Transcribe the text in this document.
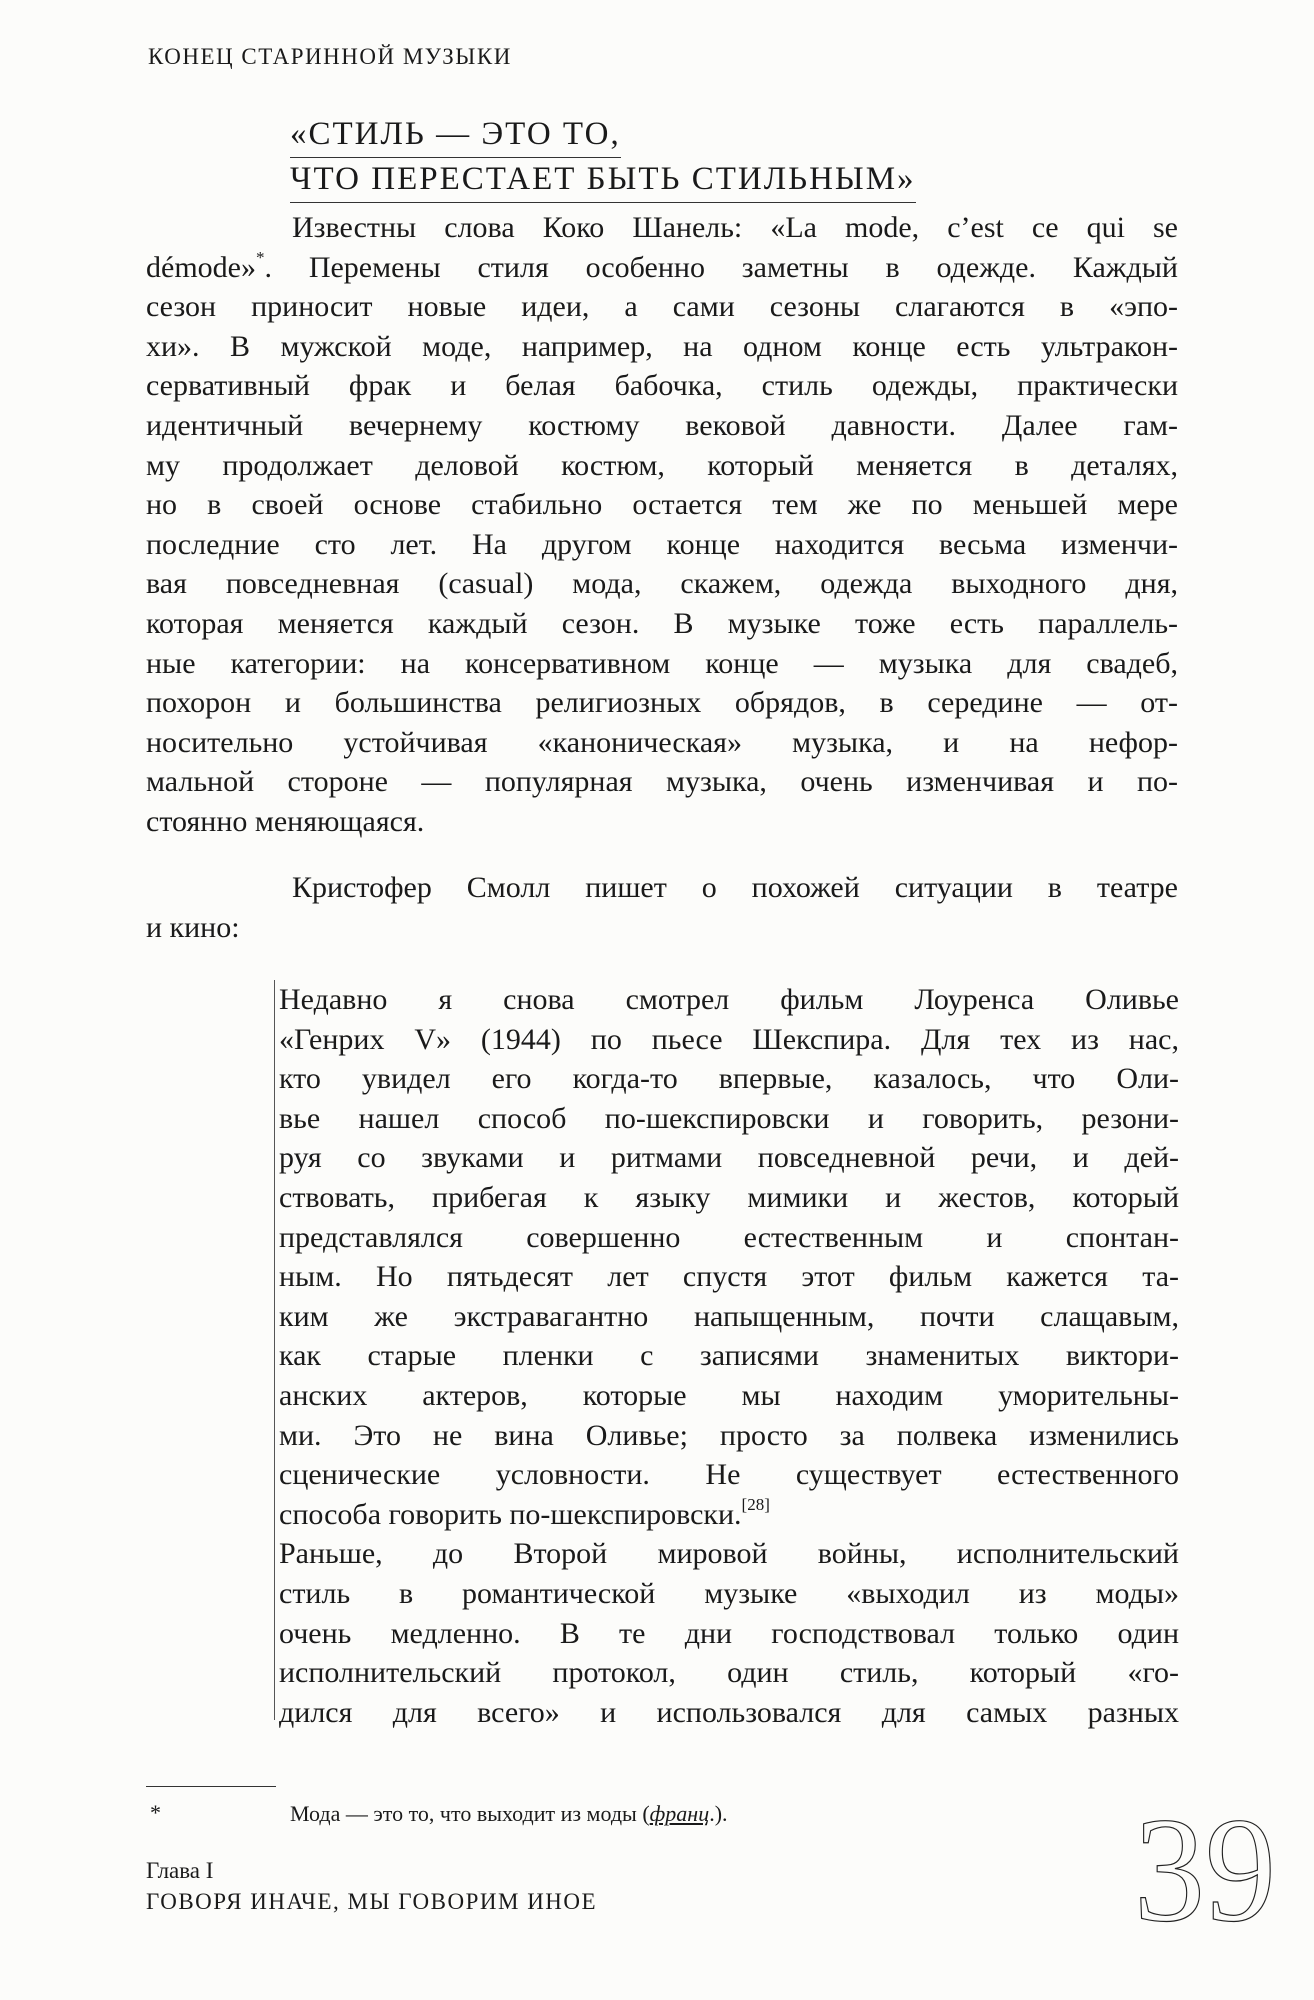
КОНЕЦ СТАРИННОЙ МУЗЫКИ
«СТИЛЬ — ЭТО ТО,
ЧТО ПЕРЕСТАЕТ БЫТЬ СТИЛЬНЫМ»
Известны слова Коко Шанель: «La mode, c’est ce qui se
démode»*. Перемены стиля особенно заметны в одежде. Каждый
сезон приносит новые идеи, а сами сезоны слагаются в «эпо-
хи». В мужской моде, например, на одном конце есть ультракон-
сервативный фрак и белая бабочка, стиль одежды, практически
идентичный вечернему костюму вековой давности. Далее гам-
му продолжает деловой костюм, который меняется в деталях,
но в своей основе стабильно остается тем же по меньшей мере
последние сто лет. На другом конце находится весьма изменчи-
вая повседневная (casual) мода, скажем, одежда выходного дня,
которая меняется каждый сезон. В музыке тоже есть параллель-
ные категории: на консервативном конце — музыка для свадеб,
похорон и большинства религиозных обрядов, в середине — от-
носительно устойчивая «каноническая» музыка, и на нефор-
мальной стороне — популярная музыка, очень изменчивая и по-
стоянно меняющаяся.
Кристофер Смолл пишет о похожей ситуации в театре
и кино:
Недавно я снова смотрел фильм Лоуренса Оливье
«Генрих V» (1944) по пьесе Шекспира. Для тех из нас,
кто увидел его когда-то впервые, казалось, что Оли-
вье нашел способ по-шекспировски и говорить, резони-
руя со звуками и ритмами повседневной речи, и дей-
ствовать, прибегая к языку мимики и жестов, который
представлялся совершенно естественным и спонтан-
ным. Но пятьдесят лет спустя этот фильм кажется та-
ким же экстравагантно напыщенным, почти слащавым,
как старые пленки с записями знаменитых виктори-
анских актеров, которые мы находим уморительны-
ми. Это не вина Оливье; просто за полвека изменились
сценические условности. Не существует естественного
способа говорить по-шекспировски.[28]
Раньше, до Второй мировой войны, исполнительский
стиль в романтической музыке «выходил из моды»
очень медленно. В те дни господствовал только один
исполнительский протокол, один стиль, который «го-
дился для всего» и использовался для самых разных
*	Мода — это то, что выходит из моды (франц.).
Глава I
ГОВОРЯ ИНАЧЕ, МЫ ГОВОРИМ ИНОЕ	39
